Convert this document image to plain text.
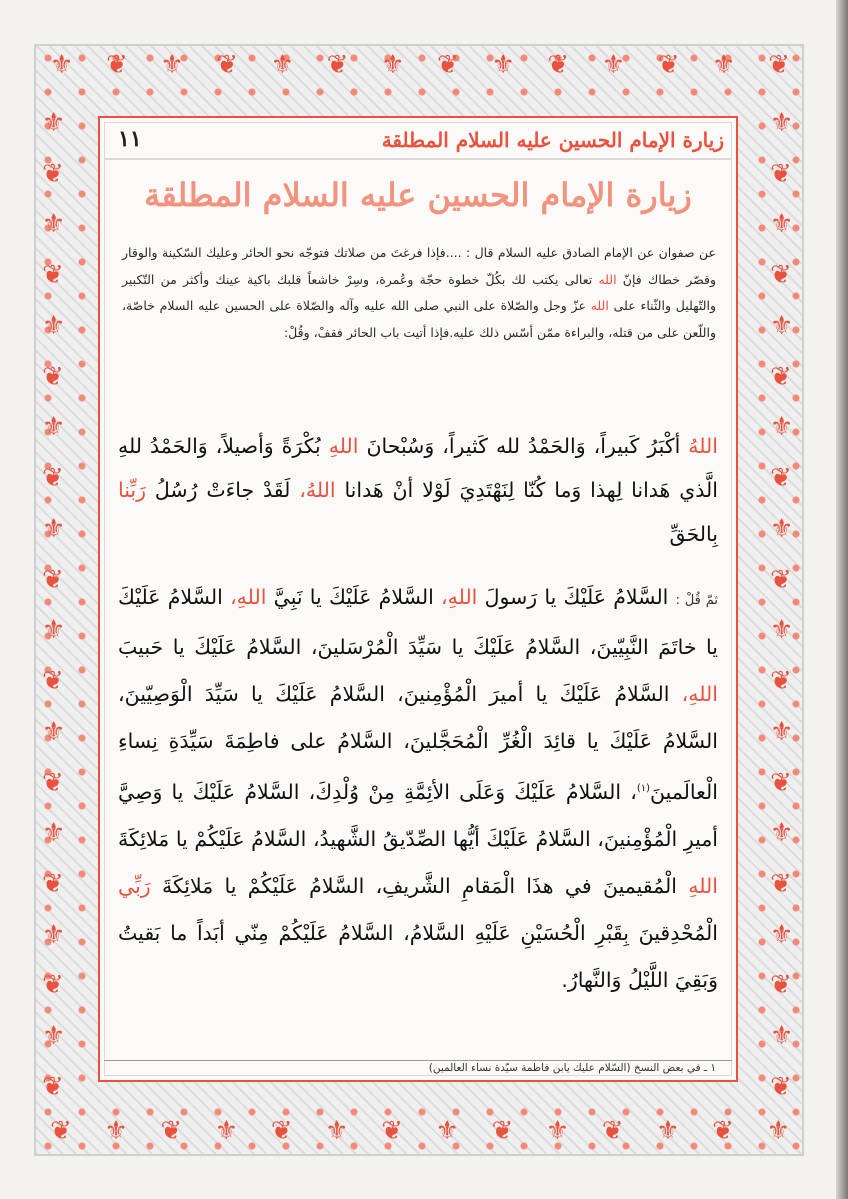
⚜ ❦ ⚜ ❦ ⚜ ❦ ⚜ ❦ ⚜ ❦ ⚜ ❦ ⚜ ❦
❦ ⚜ ❦ ⚜ ❦ ⚜ ❦ ⚜ ❦ ⚜ ❦ ⚜ ❦ ⚜
⚜
❦
⚜
❦
⚜
❦
⚜
❦
⚜
❦
⚜
❦
⚜
❦
⚜
❦
⚜
❦
⚜
❦
⚜
❦
⚜
❦
⚜
❦
⚜
❦
⚜
❦
⚜
❦
⚜
❦
⚜
❦
⚜
❦
⚜
❦
زيارة الإمام الحسين عليه السلام المطلقة
١١
زيارة الإمام الحسين عليه السلام المطلقة
عن صفوان عن الإمام الصادق عليه السلام قال : ....فإذا فرغتَ من صلاتك فتوجّه نحو الحائر وعليك السّكينة والوقار وقصّر خطاك فإنّ الله تعالى يكتب لك بكُلّ خطوة حجّة وعُمرة، وسِرْ خاشعاً قلبك باكية عينك وأكثر من التّكبير والتّهليل والثّناء على الله عزّ وجل والصّلاة على النبي صلى الله عليه وآله والصّلاة على الحسين عليه السلام خاصّة، واللّعن على من قتله، والبراءة ممّن أسّس ذلك عليه.فإذا أتيت باب الحائر فقفْ، وقُلْ:
اللهُ أكْبَرُ كَبيراً، وَالحَمْدُ لله كَثيراً، وَسُبْحانَ اللهِ بُكْرَةً وَأصيلاً، وَالحَمْدُ للهِ الَّذي هَدانا لِهذا وَما كُنّا لِنَهْتَدِيَ لَوْلا أنْ هَدانا اللهُ، لَقَدْ جاءَتْ رُسُلُ رَبِّنا بِالحَقِّ
ثمّ قُلْ : السَّلامُ عَلَيْكَ يا رَسولَ اللهِ، السَّلامُ عَلَيْكَ يا نَبِيَّ اللهِ، السَّلامُ عَلَيْكَ يا خاتَمَ النَّبِيّينَ، السَّلامُ عَلَيْكَ يا سَيِّدَ الْمُرْسَلينَ، السَّلامُ عَلَيْكَ يا حَبيبَ اللهِ، السَّلامُ عَلَيْكَ يا أميرَ الْمُؤْمِنينَ، السَّلامُ عَلَيْكَ يا سَيِّدَ الْوَصِيّينَ، السَّلامُ عَلَيْكَ يا قائِدَ الْغُرِّ الْمُحَجَّلينَ، السَّلامُ على فاطِمَةَ سَيِّدَةِ نِساءِ الْعالَمينَ$^{(١)}$، السَّلامُ عَلَيْكَ وَعَلَى الأئِمَّةِ مِنْ وُلْدِكَ، السَّلامُ عَلَيْكَ يا وَصِيَّ أميرِ الْمُؤْمِنينَ، السَّلامُ عَلَيْكَ أيُّها الصِّدّيقُ الشَّهيدُ، السَّلامُ عَلَيْكُمْ يا مَلائِكَةَ اللهِ الْمُقيمينَ في هذَا الْمَقامِ الشَّريفِ، السَّلامُ عَلَيْكُمْ يا مَلائِكَةَ رَبِّي الْمُحْدِقينَ بِقَبْرِ الْحُسَيْنِ عَلَيْهِ السَّلامُ، السَّلامُ عَلَيْكُمْ مِنّي أبَداً ما بَقيتُ وَبَقِيَ اللَّيْلُ وَالنَّهارُ.
١ ـ في بعض النسخ (السّلام عليك يابن فاطمة سيّدة نساء العالمين)
